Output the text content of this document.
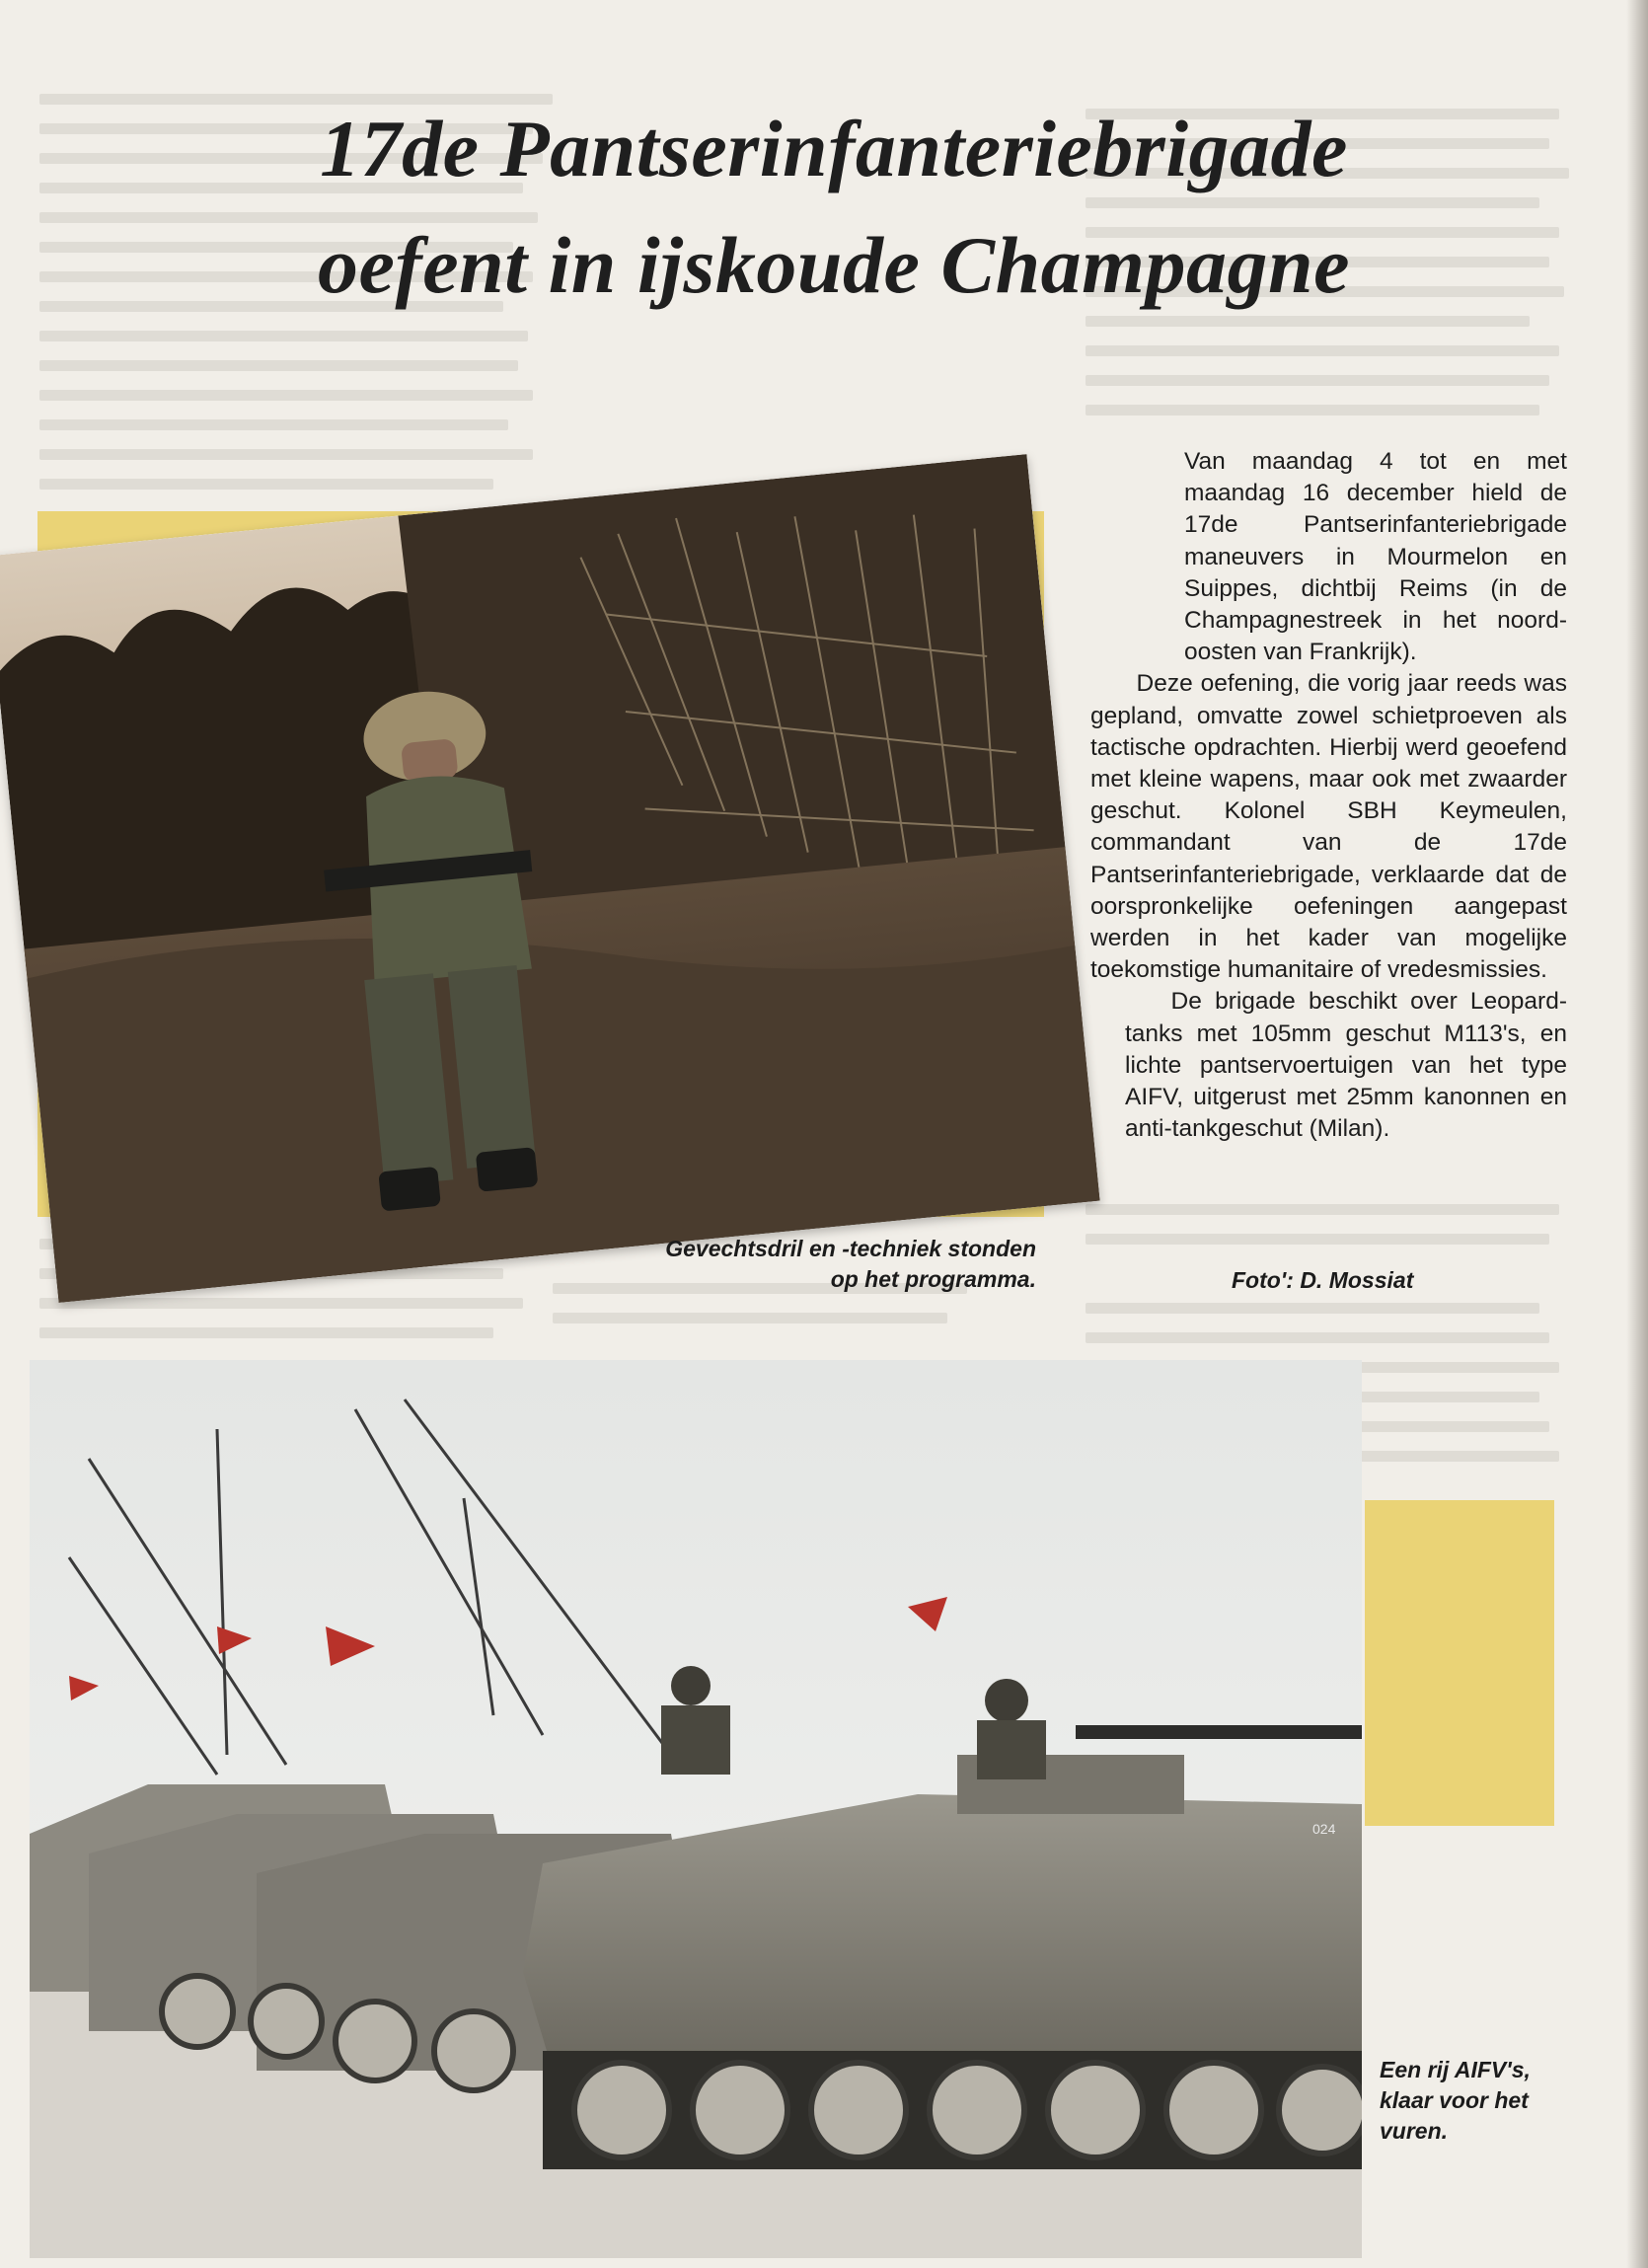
17de Pantserinfanteriebrigade
oefent in ijskoude Champagne

Van maandag 4 tot en met maandag 16 december hield de 17de Pantserinfanteriebrigade maneuvers in Mourmelon en Suippes, dichtbij Reims (in de Champagnestreek in het noord-oosten van Frankrijk).

Deze oefening, die vorig jaar reeds was gepland, omvatte zowel schietproeven als tactische opdrachten. Hierbij werd geoefend met kleine wapens, maar ook met zwaarder geschut. Kolonel SBH Keymeulen, commandant van de 17de Pantserinfanteriebrigade, verklaarde dat de oorspronkelijke oefeningen aangepast werden in het kader van mogelijke toekomstige humanitaire of vredesmissies.

De brigade beschikt over Leopard-tanks met 105mm geschut M113's, en lichte pantservoertuigen van het type AIFV, uitgerust met 25mm kanonnen en anti-tankgeschut (Milan).

Gevechtsdril en -techniek stonden op het programma.	Foto': D. Mossiat

024

Een rij AIFV's, klaar voor het vuren.
